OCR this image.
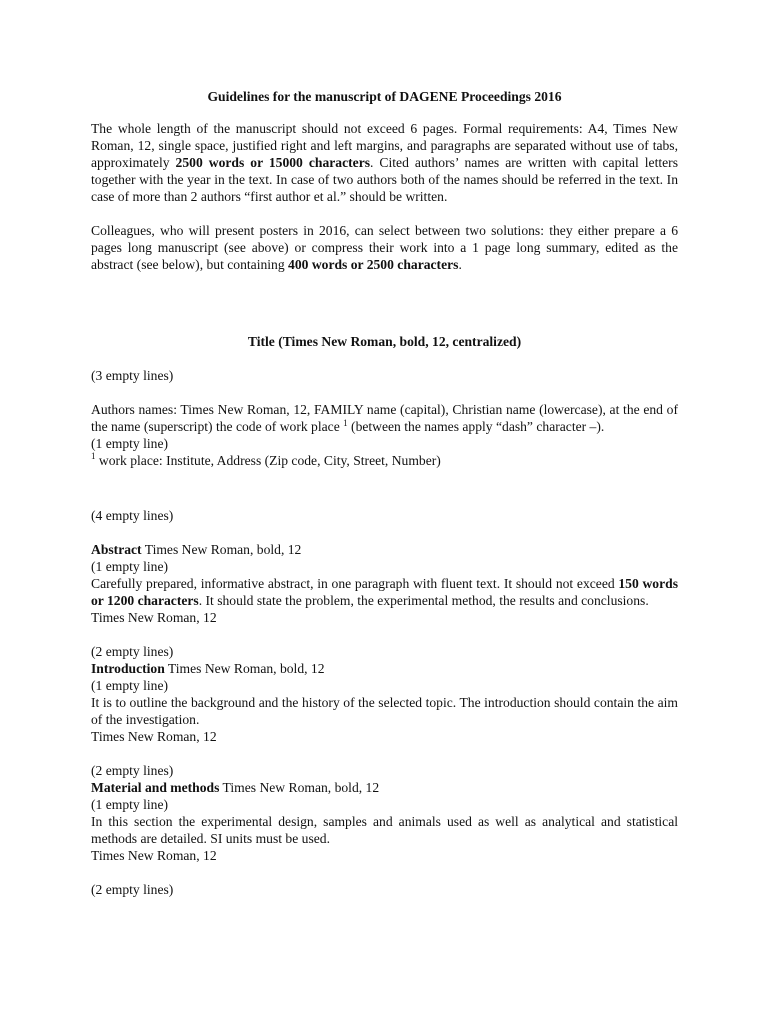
Guidelines for the manuscript of DAGENE Proceedings 2016

The whole length of the manuscript should not exceed 6 pages. Formal requirements: A4, Times New Roman, 12, single space, justified right and left margins, and paragraphs are separated without use of tabs, approximately 2500 words or 15000 characters. Cited authors’ names are written with capital letters together with the year in the text. In case of two authors both of the names should be referred in the text. In case of more than 2 authors “first author et al.” should be written.

Colleagues, who will present posters in 2016, can select between two solutions: they either prepare a 6 pages long manuscript (see above) or compress their work into a 1 page long summary, edited as the abstract (see below), but containing 400 words or 2500 characters.

Title (Times New Roman, bold, 12, centralized)

(3 empty lines)

Authors names: Times New Roman, 12, FAMILY name (capital), Christian name (lowercase), at the end of the name (superscript) the code of work place $^1$ (between the names apply “dash” character –).

(1 empty line)

$^1$ work place: Institute, Address (Zip code, City, Street, Number)

(4 empty lines)

Abstract Times New Roman, bold, 12

(1 empty line)

Carefully prepared, informative abstract, in one paragraph with fluent text. It should not exceed 150 words or 1200 characters. It should state the problem, the experimental method, the results and conclusions.

Times New Roman, 12

(2 empty lines)

Introduction Times New Roman, bold, 12

(1 empty line)

It is to outline the background and the history of the selected topic. The introduction should contain the aim of the investigation.

Times New Roman, 12

(2 empty lines)

Material and methods Times New Roman, bold, 12

(1 empty line)

In this section the experimental design, samples and animals used as well as analytical and statistical methods are detailed. SI units must be used.

Times New Roman, 12

(2 empty lines)
